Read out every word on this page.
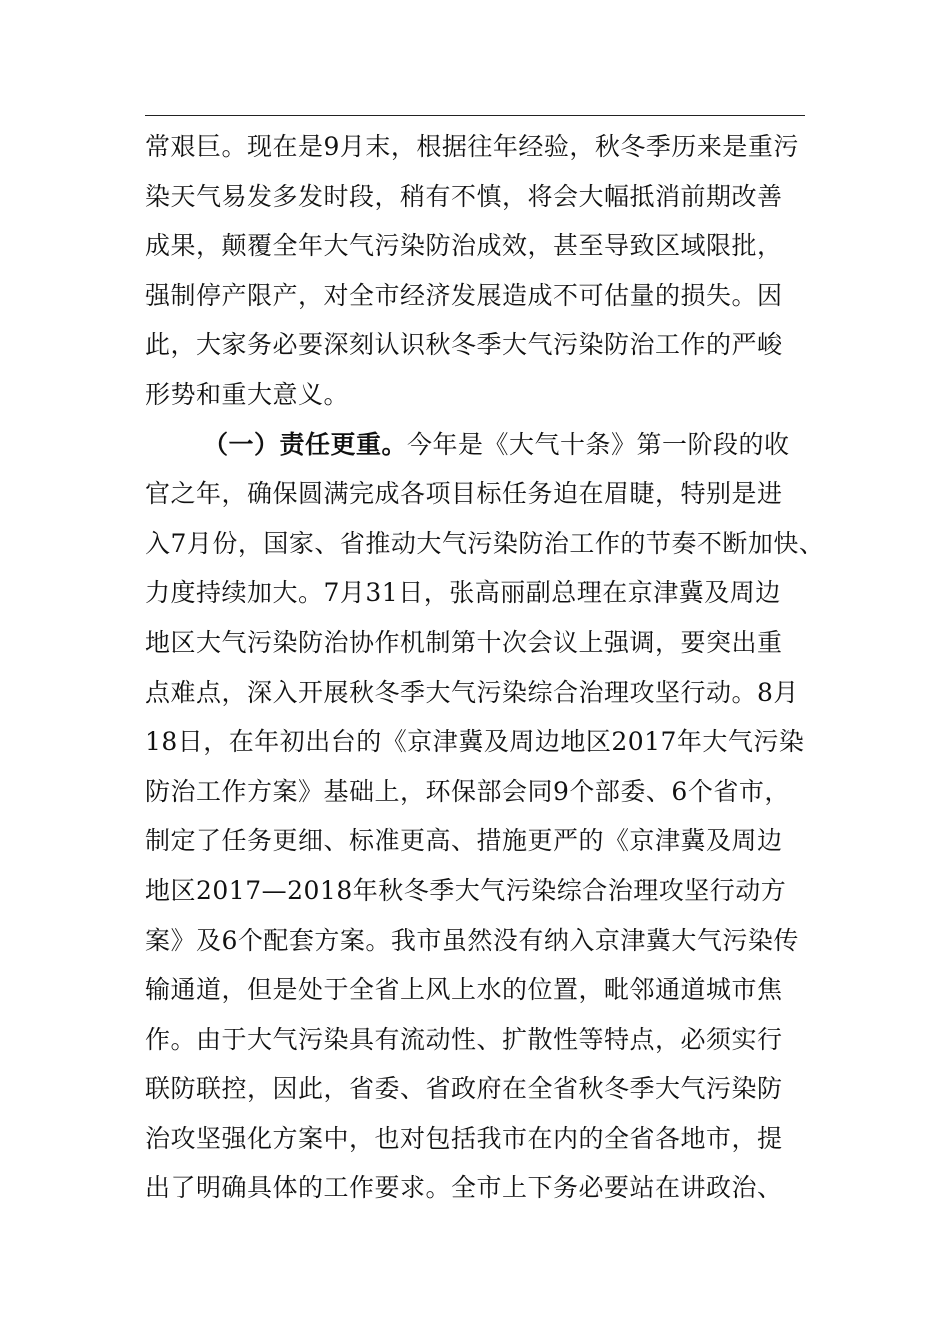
常艰巨。现在是9月末，根据往年经验，秋冬季历来是重污
染天气易发多发时段，稍有不慎，将会大幅抵消前期改善
成果，颠覆全年大气污染防治成效，甚至导致区域限批，
强制停产限产，对全市经济发展造成不可估量的损失。因
此，大家务必要深刻认识秋冬季大气污染防治工作的严峻
形势和重大意义。
（一）责任更重。今年是《大气十条》第一阶段的收
官之年，确保圆满完成各项目标任务迫在眉睫，特别是进
入7月份，国家、省推动大气污染防治工作的节奏不断加快、
力度持续加大。7月31日，张高丽副总理在京津冀及周边
地区大气污染防治协作机制第十次会议上强调，要突出重
点难点，深入开展秋冬季大气污染综合治理攻坚行动。8月
18日，在年初出台的《京津冀及周边地区2017年大气污染
防治工作方案》基础上，环保部会同9个部委、6个省市，
制定了任务更细、标准更高、措施更严的《京津冀及周边
地区2017—2018年秋冬季大气污染综合治理攻坚行动方
案》及6个配套方案。我市虽然没有纳入京津冀大气污染传
输通道，但是处于全省上风上水的位置，毗邻通道城市焦
作。由于大气污染具有流动性、扩散性等特点，必须实行
联防联控，因此，省委、省政府在全省秋冬季大气污染防
治攻坚强化方案中，也对包括我市在内的全省各地市，提
出了明确具体的工作要求。全市上下务必要站在讲政治、
